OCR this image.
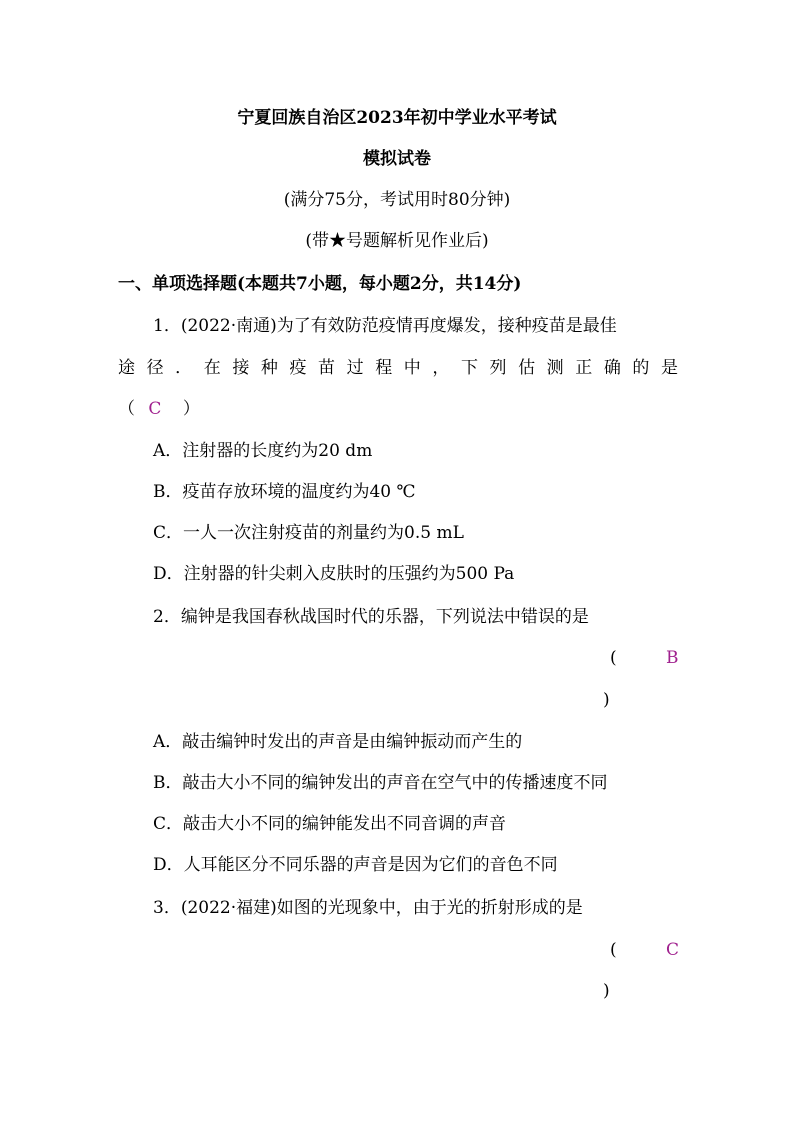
宁夏回族自治区2023年初中学业水平考试
模拟试卷
(满分75分，考试用时80分钟)
(带★号题解析见作业后)
一、单项选择题(本题共7小题，每小题2分，共14分)
1．(2022·南通)为了有效防范疫情再度爆发，接种疫苗是最佳
途 径 ． 在 接 种 疫 苗 过 程 中 ， 下 列 估 测 正 确 的 是
（ C ）
A．注射器的长度约为20 dm
B．疫苗存放环境的温度约为40 ℃
C．一人一次注射疫苗的剂量约为0.5 mL
D．注射器的针尖刺入皮肤时的压强约为500 Pa
2．编钟是我国春秋战国时代的乐器，下列说法中错误的是
(	B
)
A．敲击编钟时发出的声音是由编钟振动而产生的
B．敲击大小不同的编钟发出的声音在空气中的传播速度不同
C．敲击大小不同的编钟能发出不同音调的声音
D．人耳能区分不同乐器的声音是因为它们的音色不同
3．(2022·福建)如图的光现象中，由于光的折射形成的是
(	C
)
